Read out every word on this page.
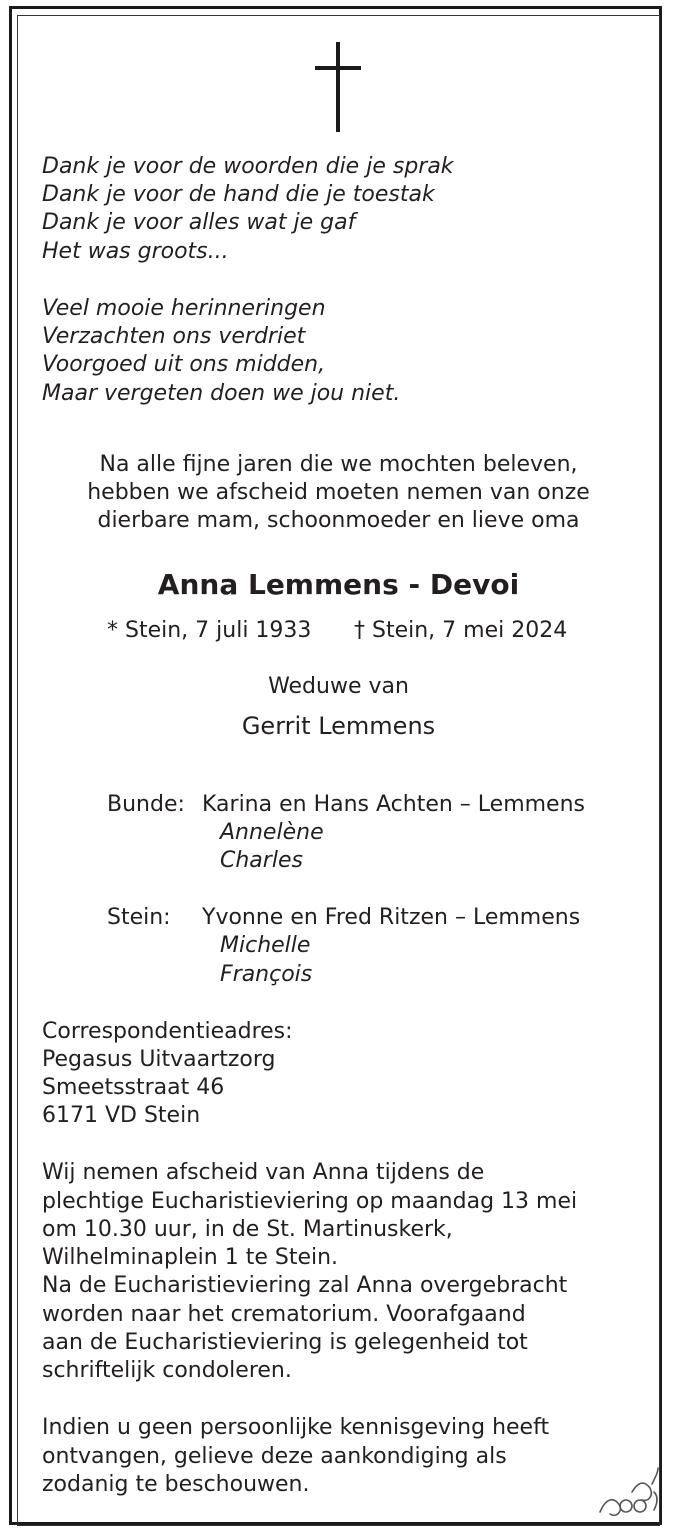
Dank je voor de woorden die je sprak
Dank je voor de hand die je toestak
Dank je voor alles wat je gaf
Het was groots...
Veel mooie herinneringen
Verzachten ons verdriet
Voorgoed uit ons midden,
Maar vergeten doen we jou niet.
Na alle fijne jaren die we mochten beleven,
hebben we afscheid moeten nemen van onze
dierbare mam, schoonmoeder en lieve oma
Anna Lemmens - Devoi
* Stein, 7 juli 1933 † Stein, 7 mei 2024
Weduwe van
Gerrit Lemmens
Bunde: Karina en Hans Achten – Lemmens
Annelène
Charles
Stein: Yvonne en Fred Ritzen – Lemmens
Michelle
François
Correspondentieadres:
Pegasus Uitvaartzorg
Smeetsstraat 46
6171 VD Stein
Wij nemen afscheid van Anna tijdens de
plechtige Eucharistieviering op maandag 13 mei
om 10.30 uur, in de St. Martinuskerk,
Wilhelminaplein 1 te Stein.
Na de Eucharistieviering zal Anna overgebracht
worden naar het crematorium. Voorafgaand
aan de Eucharistieviering is gelegenheid tot
schriftelijk condoleren.
Indien u geen persoonlijke kennisgeving heeft
ontvangen, gelieve deze aankondiging als
zodanig te beschouwen.
